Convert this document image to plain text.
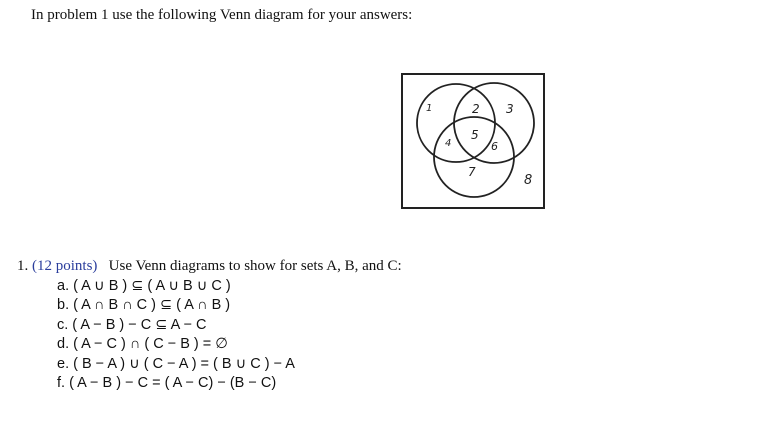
In problem 1 use the following Venn diagram for your answers:
1	2 3
4
5
6
7
8
1. (12 points) Use Venn diagrams to show for sets A, B, and C:
a. ( A ∪ B ) ⊆ ( A ∪ B ∪ C )
b. ( A ∩ B ∩ C ) ⊆ ( A ∩ B )
c. ( A − B ) − C ⊆ A − C
d. ( A − C ) ∩ ( C − B ) = ∅
e. ( B − A ) ∪ ( C − A ) = ( B ∪ C ) − A
f. ( A − B ) − C = ( A − C) − (B − C)
